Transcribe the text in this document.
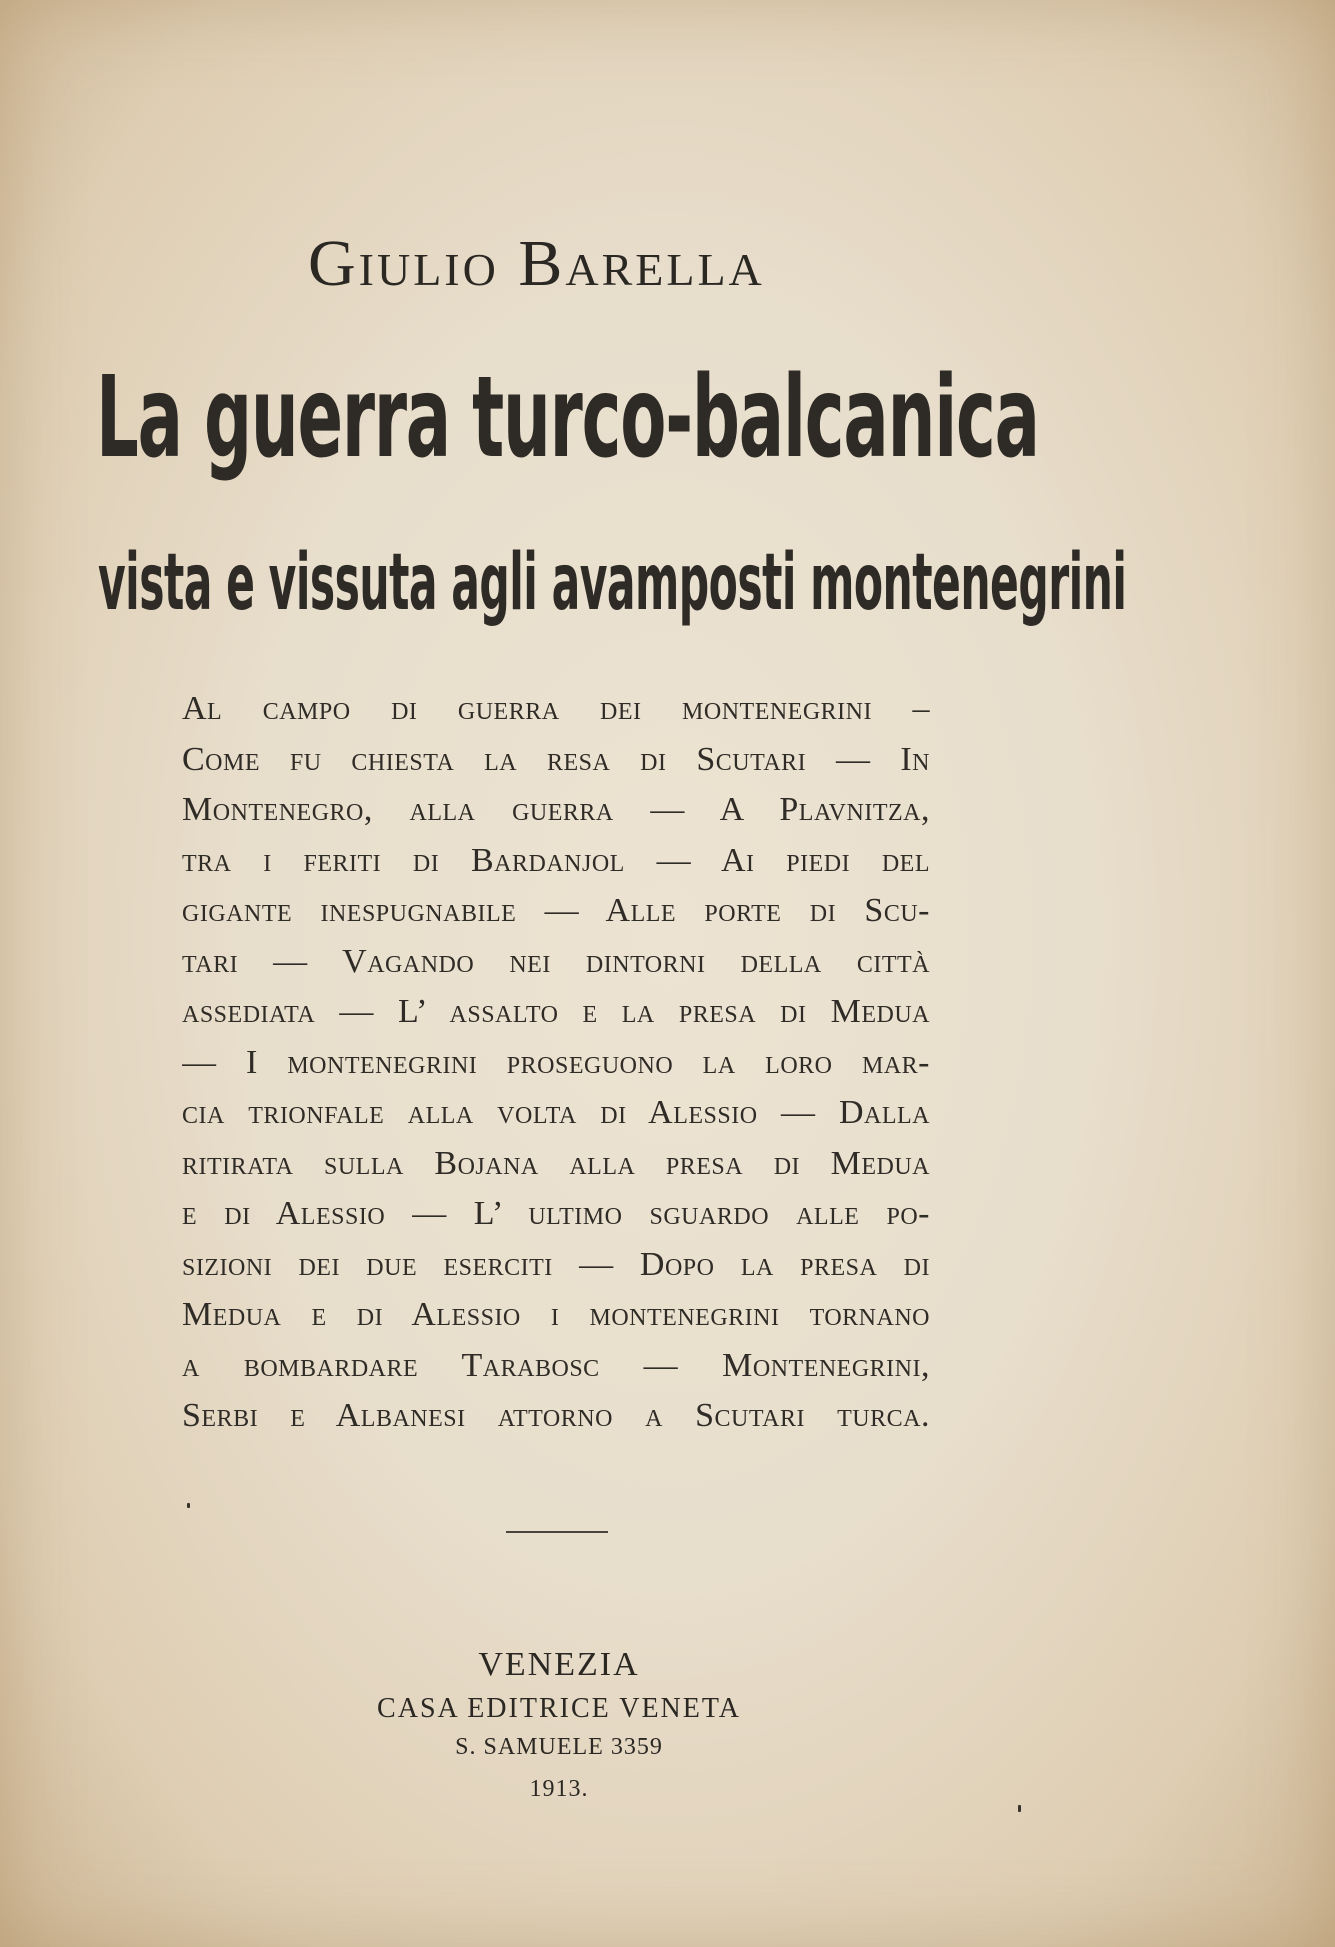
Giulio Barella
La guerra turco-balcanica
vista e vissuta agli avamposti montenegrini
Al campo di guerra dei montenegrini –
Come fu chiesta la resa di Scutari — In
Montenegro, alla guerra — A Plavnitza,
tra i feriti di Bardanjol — Ai piedi del
gigante inespugnabile — Alle porte di Scu-
tari — Vagando nei dintorni della città
assediata — L’ assalto e la presa di Medua
— I montenegrini proseguono la loro mar-
cia trionfale alla volta di Alessio — Dalla
ritirata sulla Bojana alla presa di Medua
e di Alessio — L’ ultimo sguardo alle po-
sizioni dei due eserciti — Dopo la presa di
Medua e di Alessio i montenegrini tornano
a bombardare Tarabosc — Montenegrini,
Serbi e Albanesi attorno a Scutari turca.
VENEZIA
CASA EDITRICE VENETA
S. SAMUELE 3359
1913.
